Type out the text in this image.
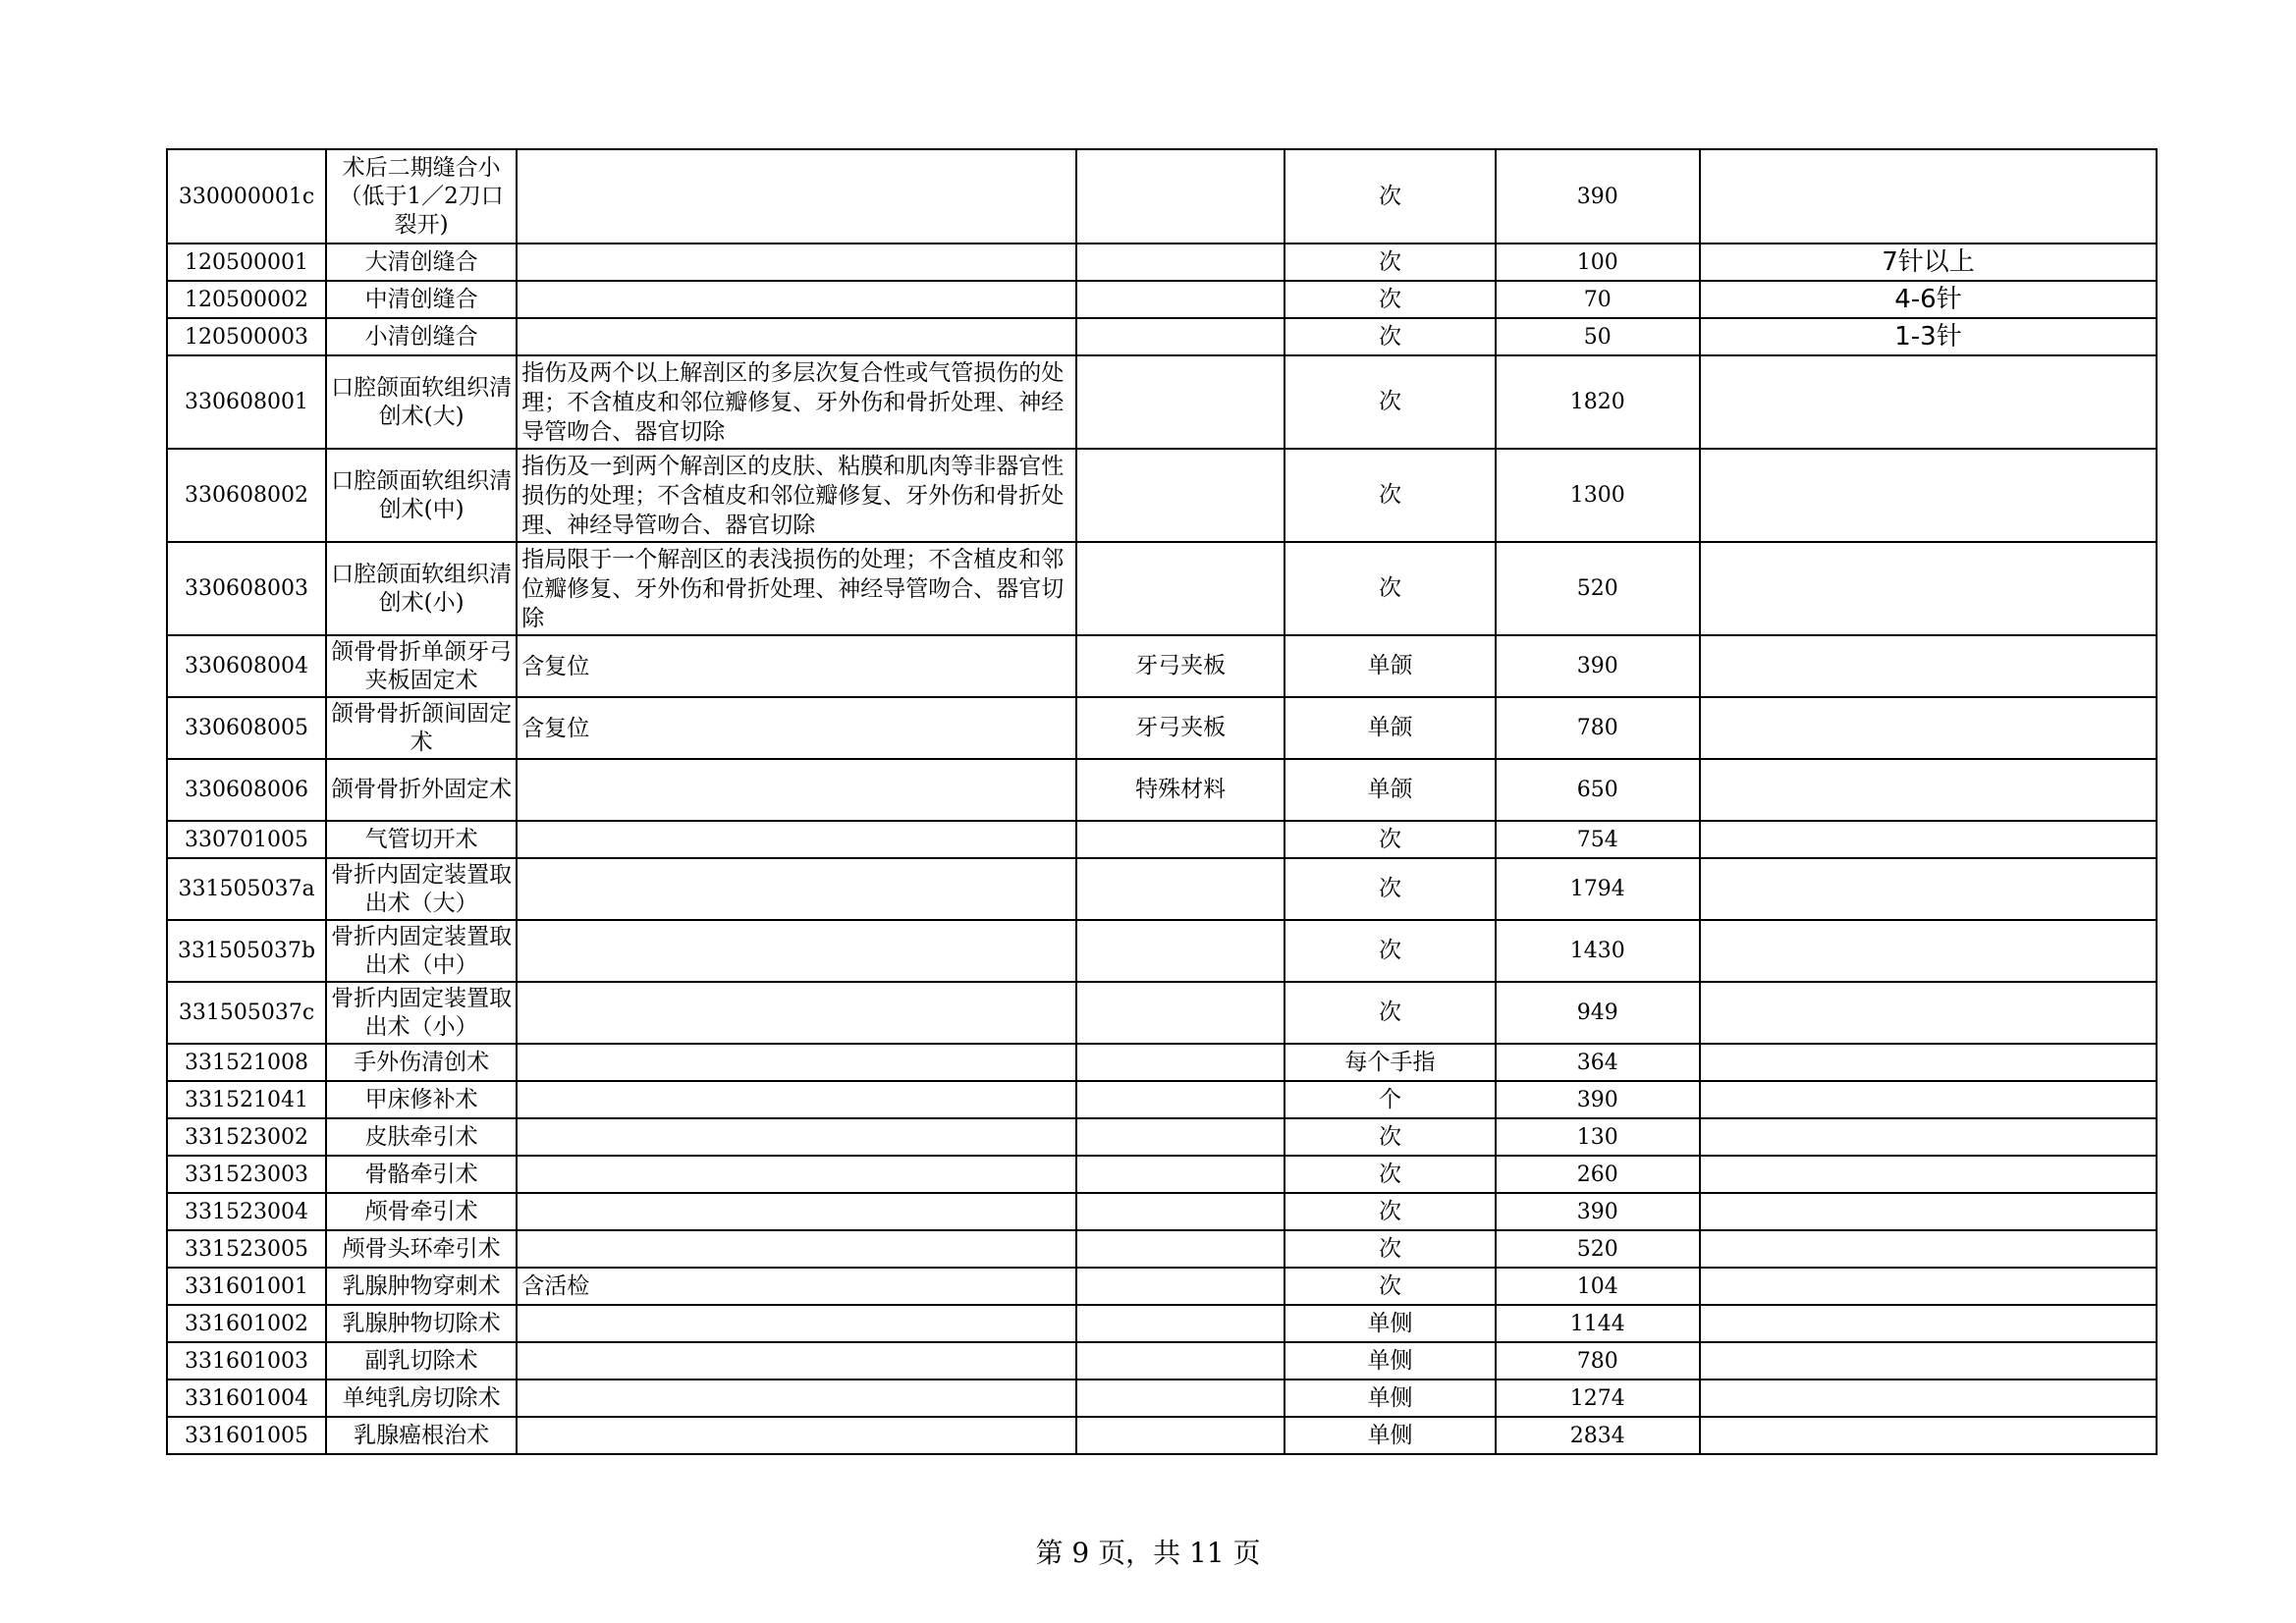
330000001c	术后二期缝合小（低于1／2刀口裂开)			次	390	
120500001	大清创缝合			次	100	7针以上
120500002	中清创缝合			次	70	4-6针
120500003	小清创缝合			次	50	1-3针
330608001	口腔颌面软组织清创术(大)	指伤及两个以上解剖区的多层次复合性或气管损伤的处理；不含植皮和邻位瓣修复、牙外伤和骨折处理、神经导管吻合、器官切除		次	1820	
330608002	口腔颌面软组织清创术(中)	指伤及一到两个解剖区的皮肤、粘膜和肌肉等非器官性损伤的处理；不含植皮和邻位瓣修复、牙外伤和骨折处理、神经导管吻合、器官切除		次	1300	
330608003	口腔颌面软组织清创术(小)	指局限于一个解剖区的表浅损伤的处理；不含植皮和邻位瓣修复、牙外伤和骨折处理、神经导管吻合、器官切除		次	520	
330608004	颌骨骨折单颌牙弓夹板固定术	含复位	牙弓夹板	单颌	390	
330608005	颌骨骨折颌间固定术	含复位	牙弓夹板	单颌	780	
330608006	颌骨骨折外固定术		特殊材料	单颌	650	
330701005	气管切开术			次	754	
331505037a	骨折内固定装置取出术（大）			次	1794	
331505037b	骨折内固定装置取出术（中）			次	1430	
331505037c	骨折内固定装置取出术（小）			次	949	
331521008	手外伤清创术			每个手指	364	
331521041	甲床修补术			个	390	
331523002	皮肤牵引术			次	130	
331523003	骨骼牵引术			次	260	
331523004	颅骨牵引术			次	390	
331523005	颅骨头环牵引术			次	520	
331601001	乳腺肿物穿刺术	含活检		次	104	
331601002	乳腺肿物切除术			单侧	1144	
331601003	副乳切除术			单侧	780	
331601004	单纯乳房切除术			单侧	1274	
331601005	乳腺癌根治术			单侧	2834	
第 9 页，共 11 页
